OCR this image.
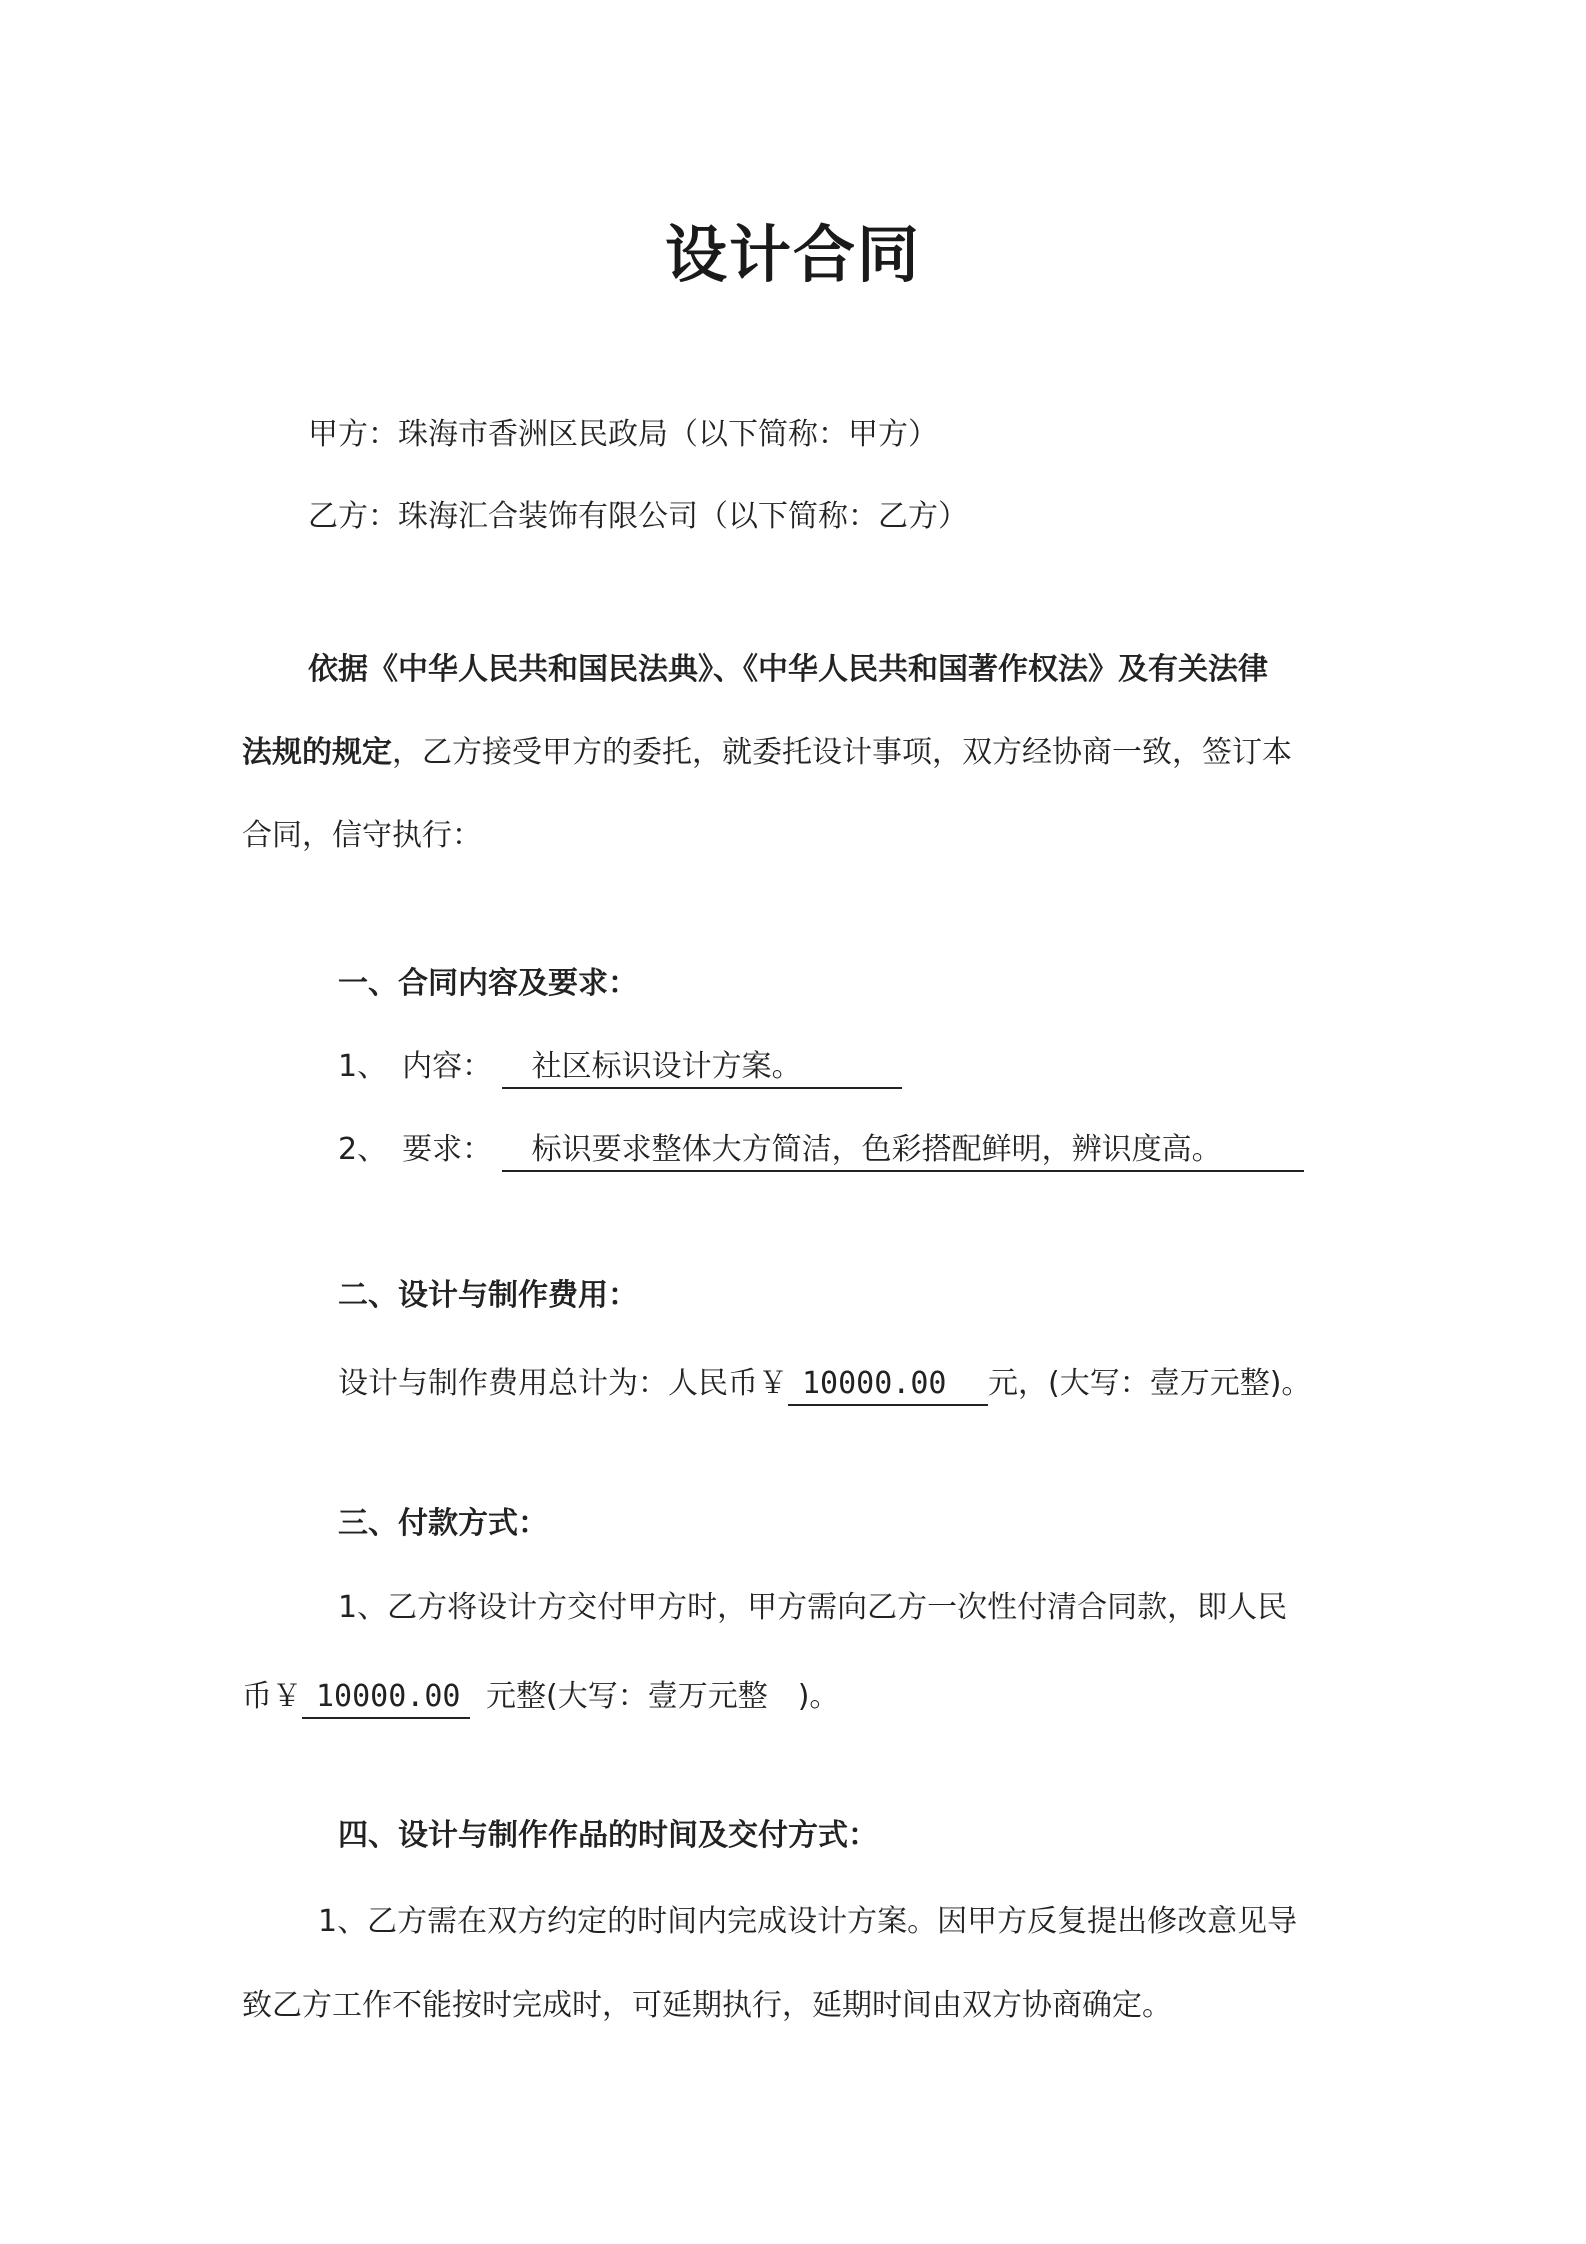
设计合同
甲方：珠海市香洲区民政局（以下简称：甲方）
乙方：珠海汇合装饰有限公司（以下简称：乙方）
依据《中华人民共和国民法典》、《中华人民共和国著作权法》及有关法律
法规的规定，乙方接受甲方的委托，就委托设计事项，双方经协商一致，签订本
合同，信守执行：
一、合同内容及要求：
1、　内容： 社区标识设计方案。
2、　要求： 标识要求整体大方简洁，色彩搭配鲜明，辨识度高。
二、设计与制作费用：
设计与制作费用总计为：人民币￥ 10000.00 元，(大写：壹万元整)。
三、付款方式：
1、乙方将设计方交付甲方时，甲方需向乙方一次性付清合同款，即人民
币￥ 10000.00 元整(大写：壹万元整　)。
四、设计与制作作品的时间及交付方式：
1、乙方需在双方约定的时间内完成设计方案。因甲方反复提出修改意见导
致乙方工作不能按时完成时，可延期执行，延期时间由双方协商确定。
